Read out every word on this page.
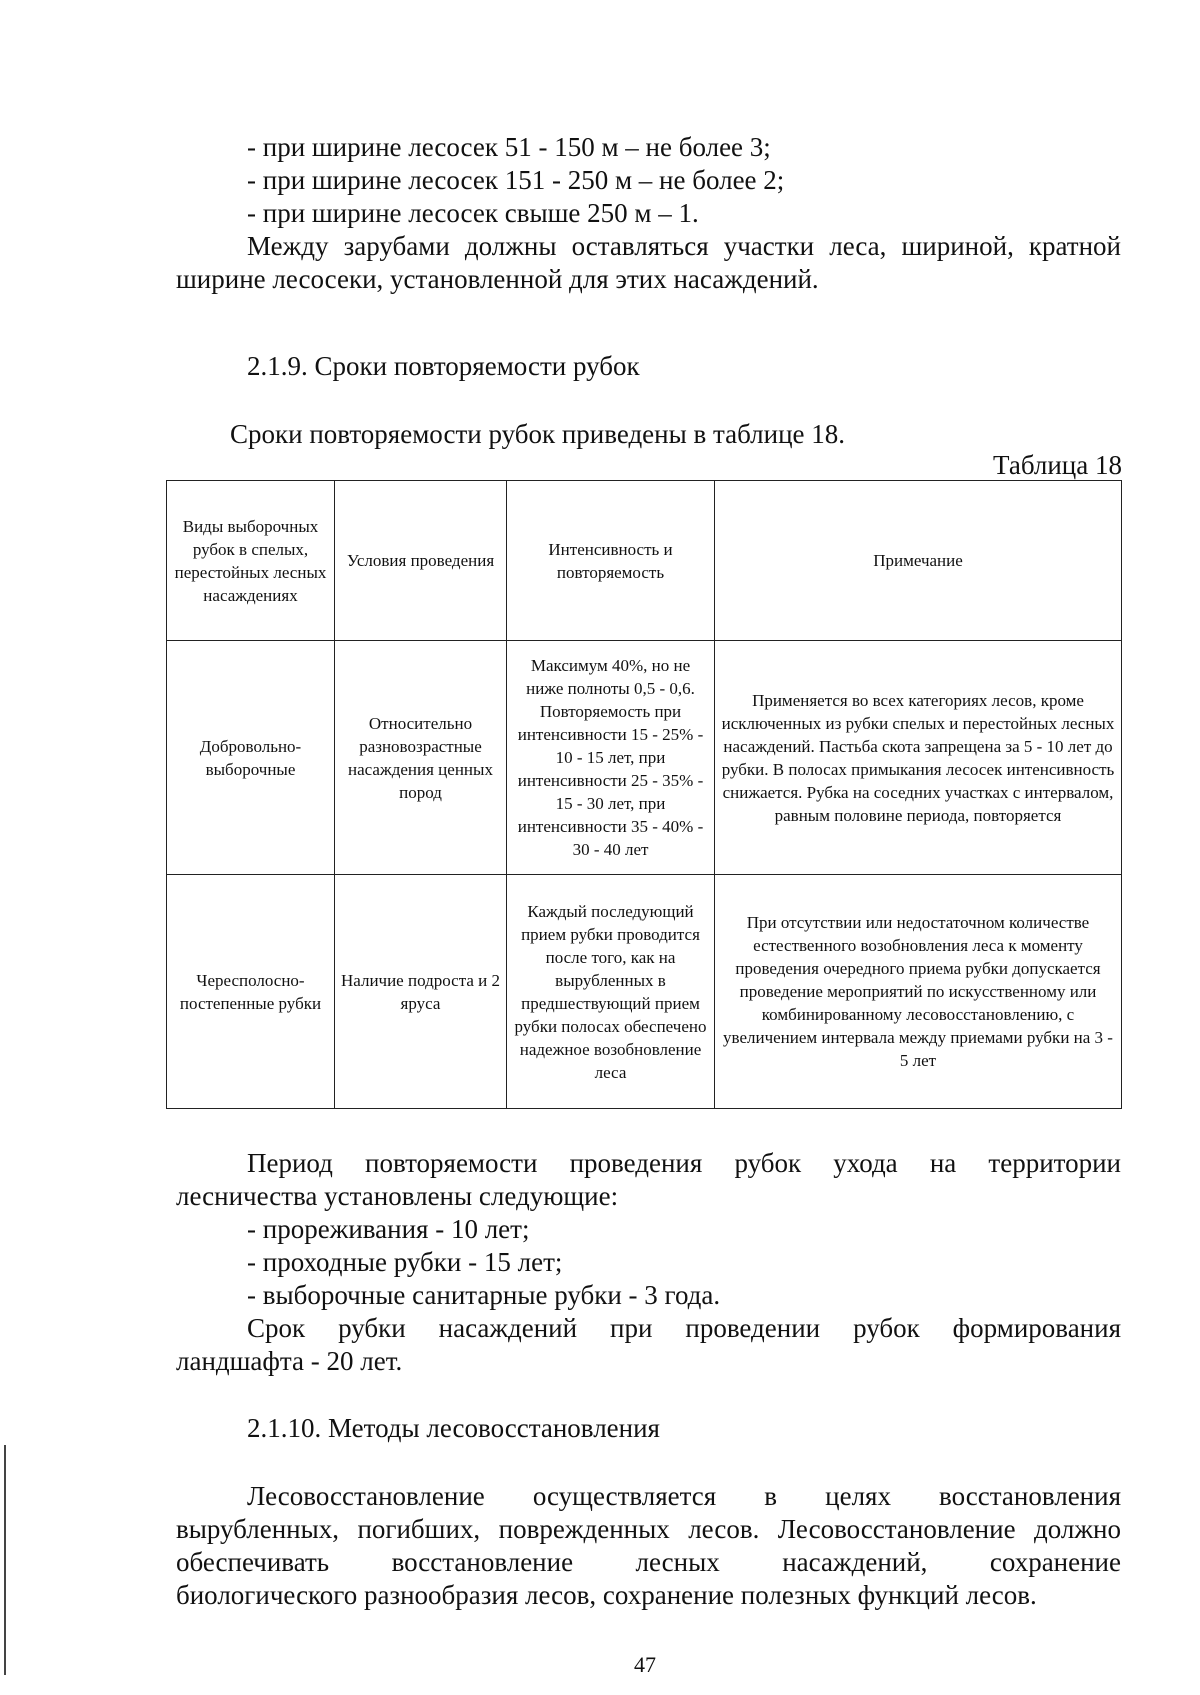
- при ширине лесосек 51 - 150 м – не более 3;
- при ширине лесосек 151 - 250 м – не более 2;
- при ширине лесосек свыше 250 м – 1.
Между зарубами должны оставляться участки леса, шириной, кратной
ширине лесосеки, установленной для этих насаждений.
2.1.9. Сроки повторяемости рубок
Сроки повторяемости рубок приведены в таблице 18.
Таблица 18
Виды выборочных рубок в спелых, перестойных лесных насаждениях	Условия проведения	Интенсивность и повторяемость	Примечание
Добровольно-выборочные	Относительно разновозрастные насаждения ценных пород	Максимум 40%, но не ниже полноты 0,5 - 0,6. Повторяемость при интенсивности 15 - 25% - 10 - 15 лет, при интенсивности 25 - 35% - 15 - 30 лет, при интенсивности 35 - 40% - 30 - 40 лет	Применяется во всех категориях лесов, кроме исключенных из рубки спелых и перестойных лесных насаждений. Пастьба скота запрещена за 5 - 10 лет до рубки. В полосах примыкания лесосек интенсивность снижается. Рубка на соседних участках с интервалом, равным половине периода, повторяется
Чересполосно-постепенные рубки	Наличие подроста и 2 яруса	Каждый последующий прием рубки проводится после того, как на вырубленных в предшествующий прием рубки полосах обеспечено надежное возобновление леса	При отсутствии или недостаточном количестве естественного возобновления леса к моменту проведения очередного приема рубки допускается проведение мероприятий по искусственному или комбинированному лесовосстановлению, с увеличением интервала между приемами рубки на 3 - 5 лет
Период повторяемости проведения рубок ухода на территории
лесничества установлены следующие:
- прореживания - 10 лет;
- проходные рубки - 15 лет;
- выборочные санитарные рубки - 3 года.
Срок рубки насаждений при проведении рубок формирования
ландшафта - 20 лет.
2.1.10. Методы лесовосстановления
Лесовосстановление осуществляется в целях восстановления
вырубленных, погибших, поврежденных лесов. Лесовосстановление должно
обеспечивать восстановление лесных насаждений, сохранение
биологического разнообразия лесов, сохранение полезных функций лесов.
47
